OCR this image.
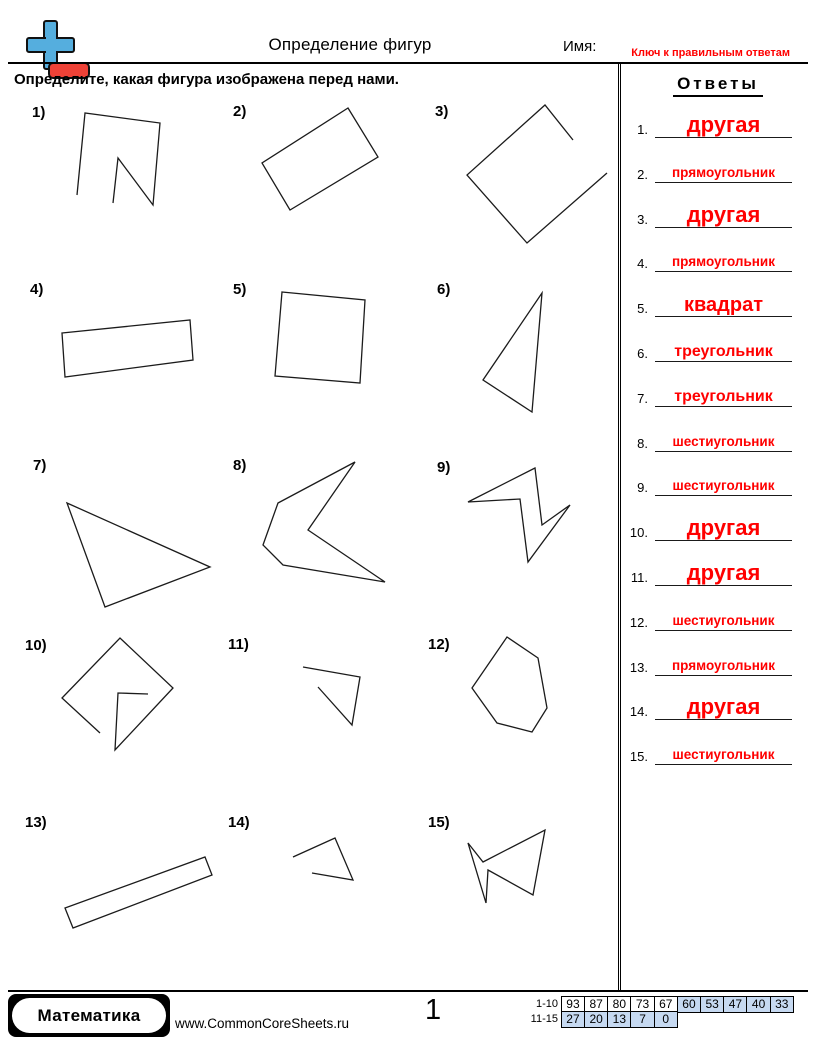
Определение фигур	Имя:	Ключ к правильным ответам
Определите, какая фигура изображена перед нами.
1)	2)	3)
4)	5)	6)
7)	8)	9)
10)	11)	12)
13)	14)	15)
Ответы
1.	другая
2.	прямоугольник
3.	другая
4.	прямоугольник
5.	квадрат
6.	треугольник
7.	треугольник
8.	шестиугольник
9.	шестиугольник
10.	другая
11.	другая
12.	шестиугольник
13.	прямоугольник
14.	другая
15.	шестиугольник
Математика	www.CommonCoreSheets.ru	1	1-10 93 87 80 73 67 60 53 47 40 33
11-15 27 20 13	7	0
